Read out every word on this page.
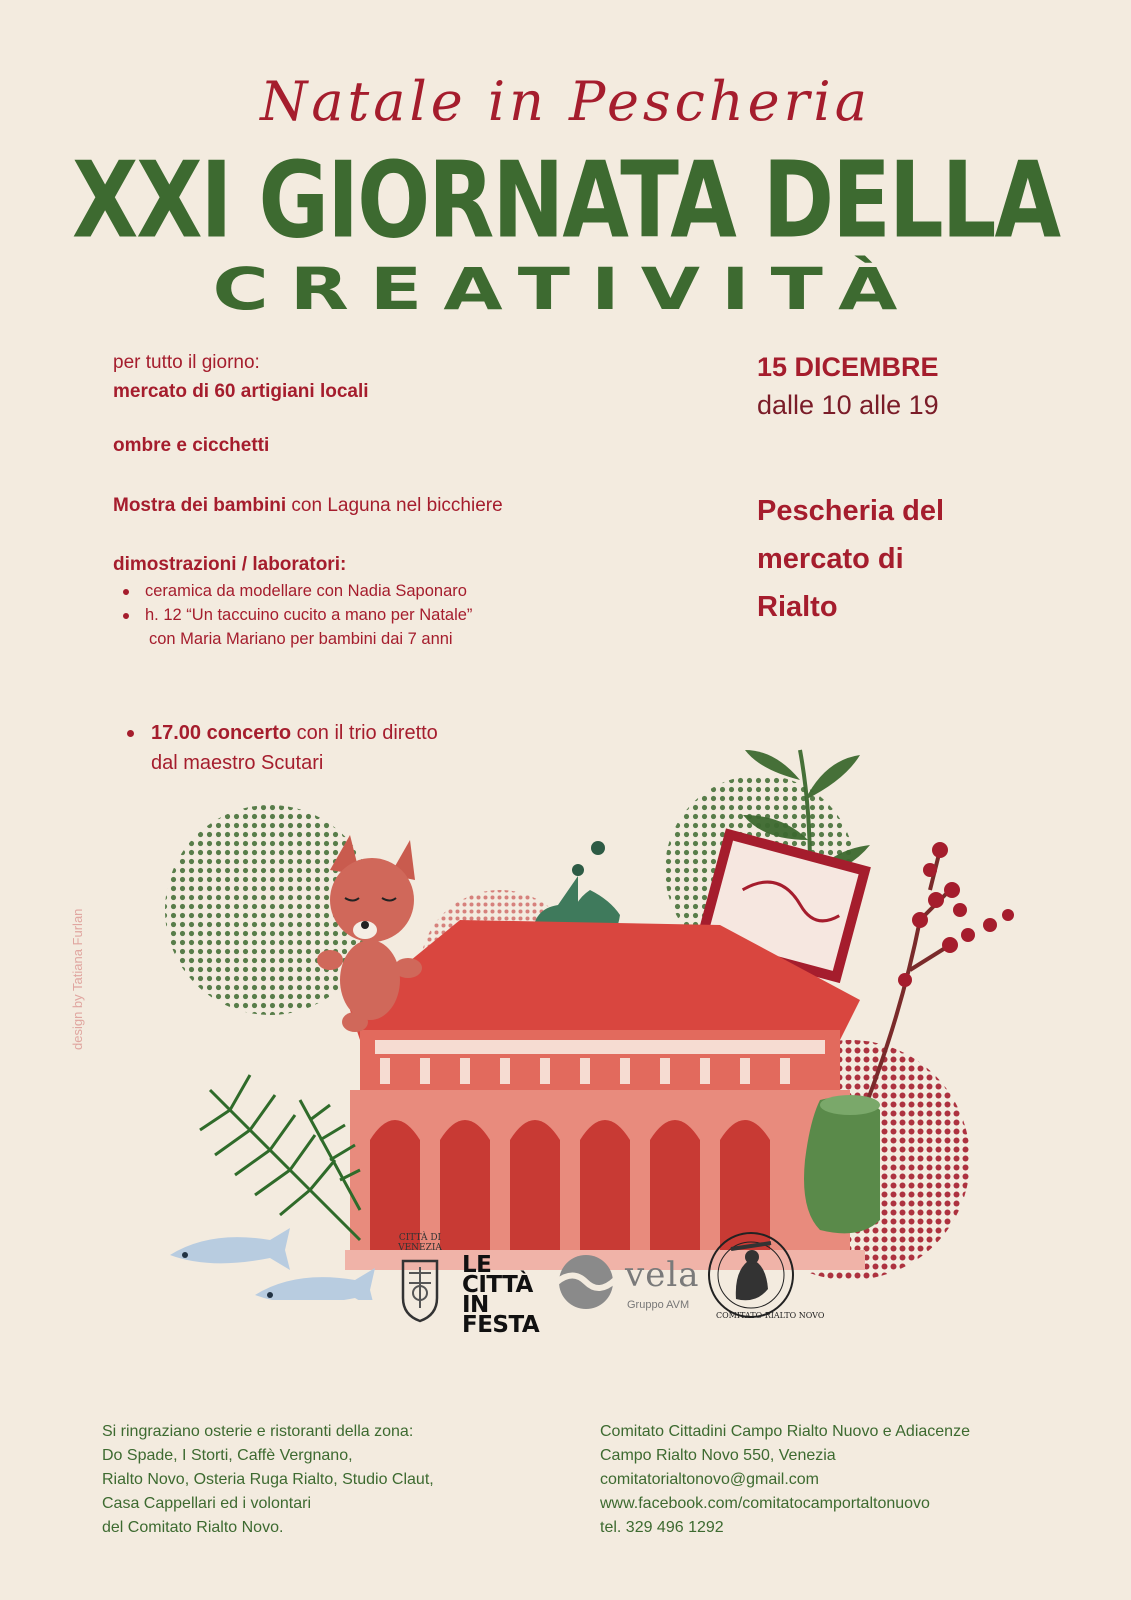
Natale in Pescheria
XXI GIORNATA DELLA
CREATIVITÀ

per tutto il giorno:

mercato di 60 artigiani locali

ombre e cicchetti

Mostra dei bambini con Laguna nel bicchiere

dimostrazioni / laboratori:

ceramica da modellare con Nadia Saponaro
h. 12 “Un taccuino cucito a mano per Natale”
con Maria Mariano per bambini dai 7 anni
17.00 concerto con il trio diretto
dal maestro Scutari
15 DICEMBRE
dalle 10 alle 19
Pescheria del
mercato di
Rialto
design by Tatiana Furlan
CITTÀ DI
VENEZIA
LE
CITTÀ
IN
FESTA
vela
Gruppo AVM
COMITATO RIALTO NOVO

Si ringraziano osterie e ristoranti della zona:

Do Spade, I Storti, Caffè Vergnano,

Rialto Novo, Osteria Ruga Rialto, Studio Claut,

Casa Cappellari ed i volontari

del Comitato Rialto Novo.

Comitato Cittadini Campo Rialto Nuovo e Adiacenze

Campo Rialto Novo 550, Venezia

comitatorialtonovo@gmail.com

www.facebook.com/comitatocamportaltonuovo

tel. 329 496 1292
